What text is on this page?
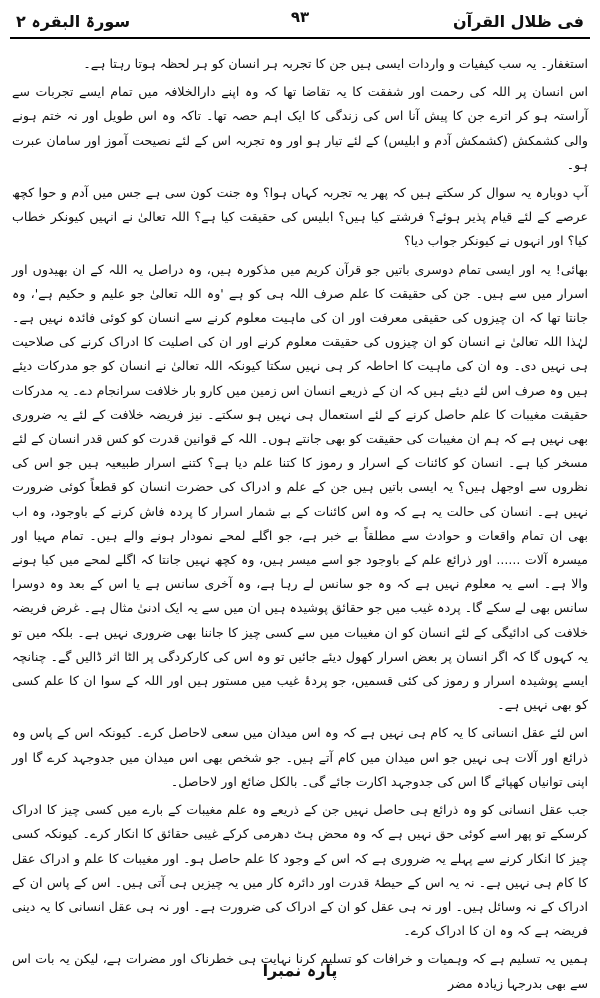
فی ظلال القرآن
۹۳
سورۃ البقرہ ۲

استغفار۔ یہ سب کیفیات و واردات ایسی ہیں جن کا تجربہ ہر انسان کو ہر لحظہ ہوتا رہتا ہے۔

اس انسان پر اللہ کی رحمت اور شفقت کا یہ تقاضا تھا کہ وہ اپنے دارالخلافہ میں تمام ایسے تجربات سے آراستہ ہو کر اترے جن کا پیش آنا اس کی زندگی کا ایک اہم حصہ تھا۔ تاکہ وہ اس طویل اور نہ ختم ہونے والی کشمکش (کشمکش آدم و ابلیس) کے لئے تیار ہو اور وہ تجربہ اس کے لئے نصیحت آموز اور سامان عبرت ہو۔

آپ دوبارہ یہ سوال کر سکتے ہیں کہ پھر یہ تجربہ کہاں ہوا؟ وہ جنت کون سی ہے جس میں آدم و حوا کچھ عرصے کے لئے قیام پذیر ہوئے؟ فرشتے کیا ہیں؟ ابلیس کی حقیقت کیا ہے؟ اللہ تعالیٰ نے انہیں کیونکر خطاب کیا؟ اور انہوں نے کیونکر جواب دیا؟

بھائی! یہ اور ایسی تمام دوسری باتیں جو قرآن کریم میں مذکورہ ہیں، وہ دراصل یہ اللہ کے ان بھیدوں اور اسرار میں سے ہیں۔ جن کی حقیقت کا علم صرف اللہ ہی کو ہے 'وہ اللہ تعالیٰ جو علیم و حکیم ہے'، وہ جانتا تھا کہ ان چیزوں کی حقیقی معرفت اور ان کی ماہیت معلوم کرنے سے انسان کو کوئی فائدہ نہیں ہے۔ لہٰذا اللہ تعالیٰ نے انسان کو ان چیزوں کی حقیقت معلوم کرنے اور ان کی اصلیت کا ادراک کرنے کی صلاحیت ہی نہیں دی۔ وہ ان کی ماہیت کا احاطہ کر ہی نہیں سکتا کیونکہ اللہ تعالیٰ نے انسان کو جو مدرکات دیئے ہیں وہ صرف اس لئے دیئے ہیں کہ ان کے ذریعے انسان اس زمین میں کارو بار خلافت سرانجام دے۔ یہ مدرکات حقیقت مغیبات کا علم حاصل کرنے کے لئے استعمال ہی نہیں ہو سکتے۔ نیز فریضہ خلافت کے لئے یہ ضروری بھی نہیں ہے کہ ہم ان مغیبات کی حقیقت کو بھی جانتے ہوں۔ اللہ کے قوانین قدرت کو کس قدر انسان کے لئے مسخر کیا ہے۔ انسان کو کائنات کے اسرار و رموز کا کتنا علم دیا ہے؟ کتنے اسرار طبیعیہ ہیں جو اس کی نظروں سے اوجھل ہیں؟ یہ ایسی باتیں ہیں جن کے علم و ادراک کی حضرت انسان کو قطعاً کوئی ضرورت نہیں ہے۔ انسان کی حالت یہ ہے کہ وہ اس کائنات کے بے شمار اسرار کا پردہ فاش کرنے کے باوجود، وہ اب بھی ان تمام واقعات و حوادث سے مطلقاً بے خبر ہے، جو اگلے لمحے نمودار ہونے والے ہیں۔ تمام مہیا اور میسرہ آلات ...... اور ذرائع علم کے باوجود جو اسے میسر ہیں، وہ کچھ نہیں جانتا کہ اگلے لمحے میں کیا ہونے والا ہے۔ اسے یہ معلوم نہیں ہے کہ وہ جو سانس لے رہا ہے، وہ آخری سانس ہے یا اس کے بعد وہ دوسرا سانس بھی لے سکے گا۔ پردہ غیب میں جو حقائق پوشیدہ ہیں ان میں سے یہ ایک ادنیٰ مثال ہے۔ غرض فریضہ خلافت کی ادائیگی کے لئے انسان کو ان مغیبات میں سے کسی چیز کا جاننا بھی ضروری نہیں ہے۔ بلکہ میں تو یہ کہوں گا کہ اگر انسان پر بعض اسرار کھول دیئے جائیں تو وہ اس کی کارکردگی پر الٹا اثر ڈالیں گے۔ چنانچہ ایسے پوشیدہ اسرار و رموز کی کئی قسمیں، جو پردۂ غیب میں مستور ہیں اور اللہ کے سوا ان کا علم کسی کو بھی نہیں ہے۔

اس لئے عقل انسانی کا یہ کام ہی نہیں ہے کہ وہ اس میدان میں سعی لاحاصل کرے۔ کیونکہ اس کے پاس وہ ذرائع اور آلات ہی نہیں جو اس میدان میں کام آتے ہیں۔ جو شخص بھی اس میدان میں جدوجہد کرے گا اور اپنی توانیاں کھپائے گا اس کی جدوجہد اکارت جائے گی۔ بالکل ضائع اور لاحاصل۔

جب عقل انسانی کو وہ ذرائع ہی حاصل نہیں جن کے ذریعے وہ علم مغیبات کے بارے میں کسی چیز کا ادراک کرسکے تو پھر اسے کوئی حق نہیں ہے کہ وہ محض ہٹ دھرمی کرکے غیبی حقائق کا انکار کرے۔ کیونکہ کسی چیز کا انکار کرنے سے پہلے یہ ضروری ہے کہ اس کے وجود کا علم حاصل ہو۔ اور مغیبات کا علم و ادراک عقل کا کام ہی نہیں ہے۔ نہ یہ اس کے حیطۂ قدرت اور دائرہ کار میں یہ چیزیں ہی آتی ہیں۔ اس کے پاس ان کے ادراک کے نہ وسائل ہیں۔ اور نہ ہی عقل کو ان کے ادراک کی ضرورت ہے۔ اور نہ ہی عقل انسانی کا یہ دینی فریضہ ہے کہ وہ ان کا ادراک کرے۔

ہمیں یہ تسلیم ہے کہ وہمیات و خرافات کو تسلیم کرنا نہایت ہی خطرناک اور مضرات ہے، لیکن یہ بات اس سے بھی بدرجہا زیادہ مضر

پارہ نمبرا
